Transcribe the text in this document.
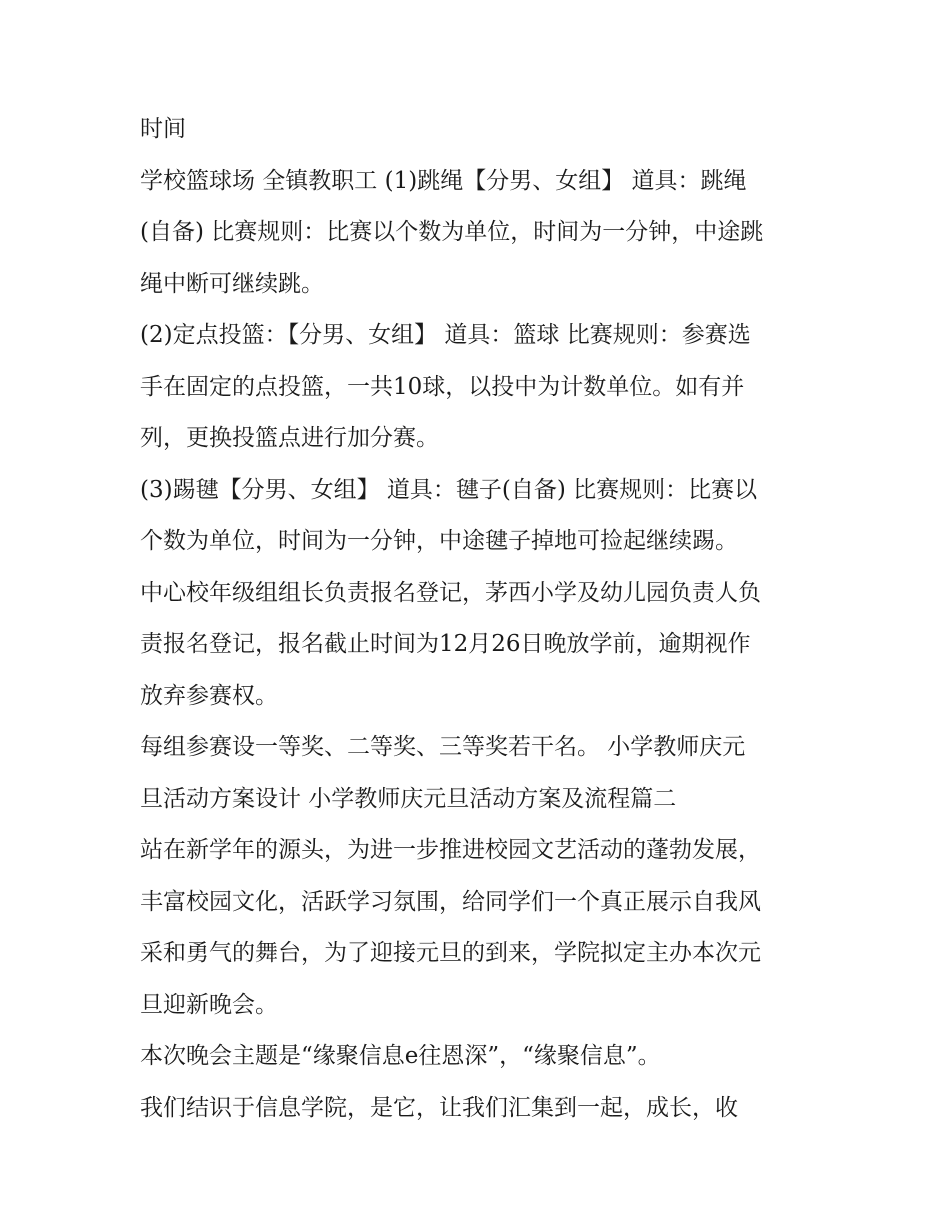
时间
学校篮球场 全镇教职工 (1)跳绳【分男、女组】 道具：跳绳
(自备) 比赛规则：比赛以个数为单位，时间为一分钟，中途跳
绳中断可继续跳。
(2)定点投篮：【分男、女组】 道具：篮球 比赛规则：参赛选
手在固定的点投篮，一共10球，以投中为计数单位。如有并
列，更换投篮点进行加分赛。
(3)踢毽【分男、女组】 道具：毽子(自备) 比赛规则：比赛以
个数为单位，时间为一分钟，中途毽子掉地可捡起继续踢。
中心校年级组组长负责报名登记，茅西小学及幼儿园负责人负
责报名登记，报名截止时间为12月26日晚放学前，逾期视作
放弃参赛权。
每组参赛设一等奖、二等奖、三等奖若干名。 小学教师庆元
旦活动方案设计 小学教师庆元旦活动方案及流程篇二
站在新学年的源头，为进一步推进校园文艺活动的蓬勃发展，
丰富校园文化，活跃学习氛围，给同学们一个真正展示自我风
采和勇气的舞台，为了迎接元旦的到来，学院拟定主办本次元
旦迎新晚会。
本次晚会主题是“缘聚信息e往恩深”，“缘聚信息”。
我们结识于信息学院，是它，让我们汇集到一起，成长，收
